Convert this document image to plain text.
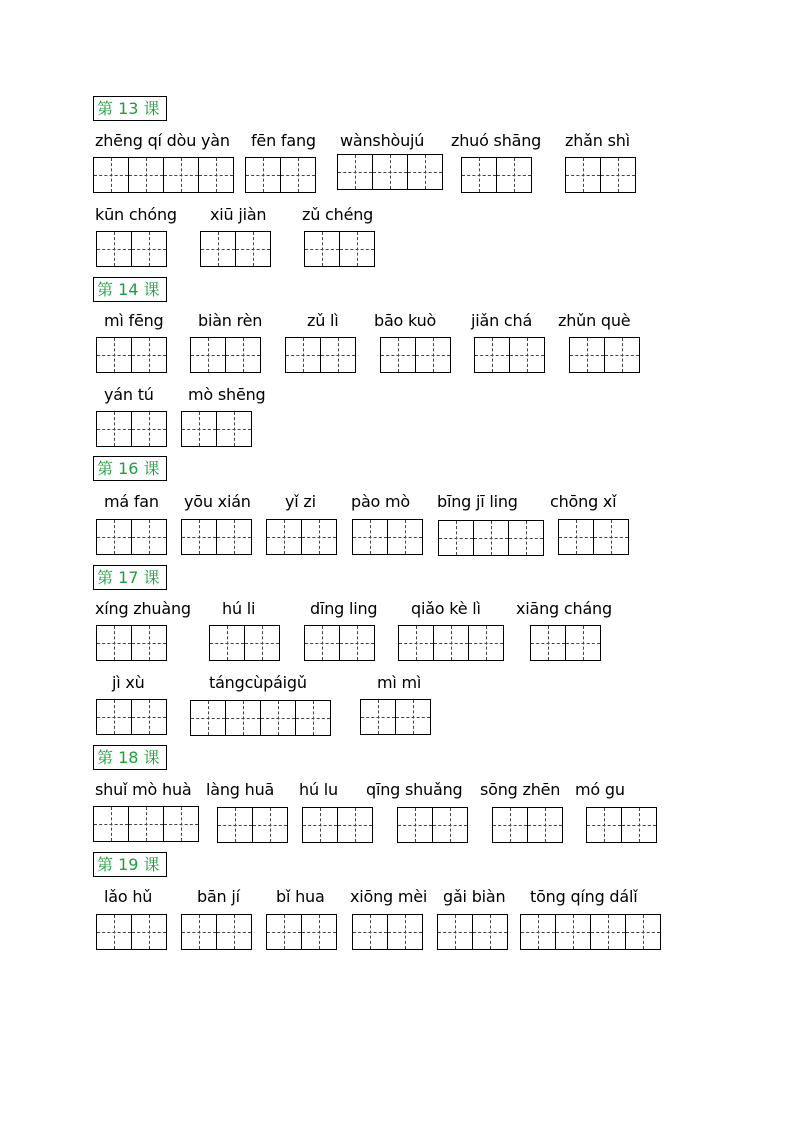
第 13 课
zhēng qí dòu yàn fēn fang wànshòujú zhuó shāng zhǎn shì
kūn chóng xiū jiàn zǔ chéng
第 14 课
mì fēng biàn rèn	zǔ lì bāo kuò jiǎn chá zhǔn què
yán tú mò shēng
第 16 课
má fan yōu xián yǐ zi pào mò bīng jī ling chōng xǐ
第 17 课
xíng zhuàng hú li	dīng ling qiǎo kè lì xiāng cháng
jì xù	tángcùpáigǔ	mì mì
第 18 课
shuǐ mò huà làng huā hú lu qīng shuǎng sōng zhēn mó gu
第 19 课
lǎo hǔ	bān jí bǐ hua xiōng mèi gǎi biàn tōng qíng dálǐ
